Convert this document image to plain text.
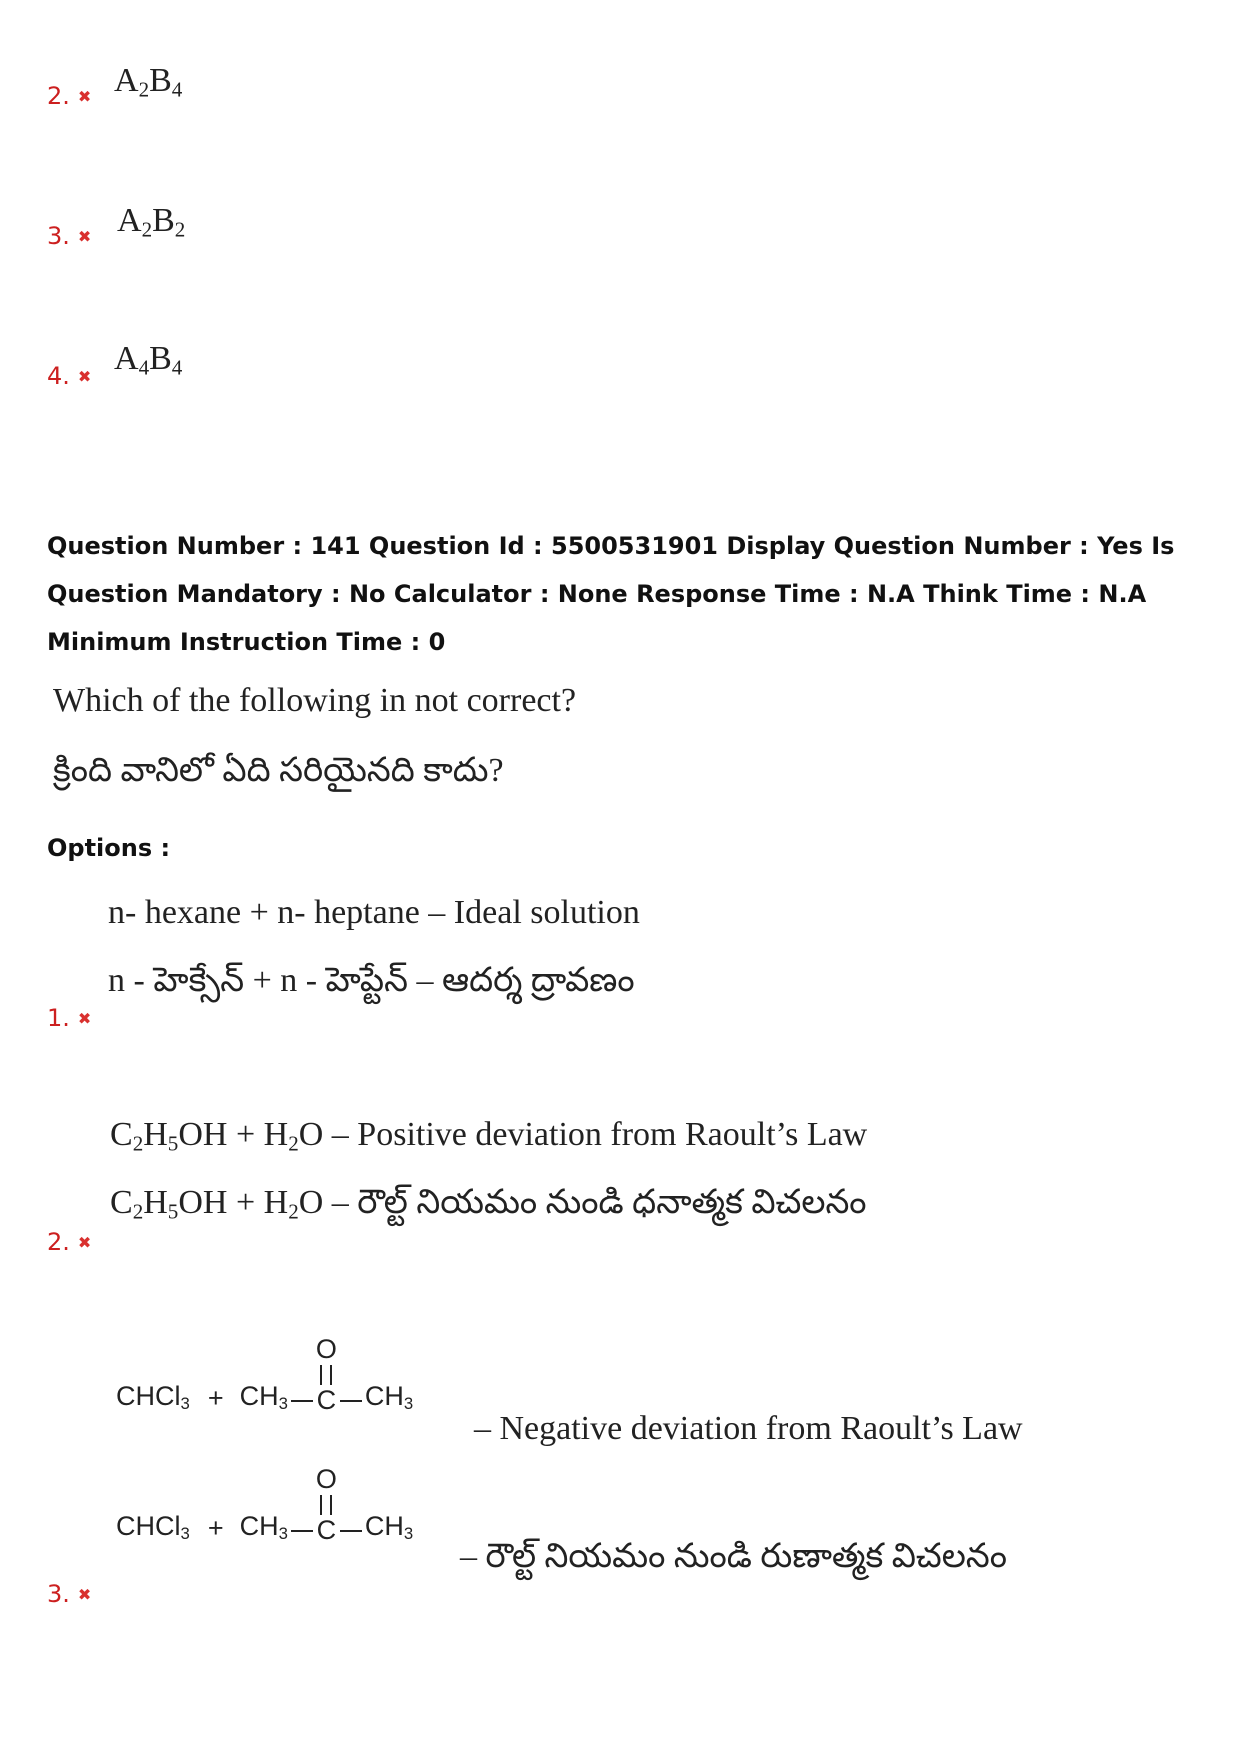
2. ✖ $A_2B_4$
3. ✖ $A_2B_2$
4. ✖ $A_4B_4$
Question Number : 141 Question Id : 5500531901 Display Question Number : Yes Is Question Mandatory : No Calculator : None Response Time : N.A Think Time : N.A Minimum Instruction Time : 0
Which of the following in not correct?
క్రింది వానిలో ఏది సరియైనది కాదు?
Options :
n- hexane + n- heptane – Ideal solution
n - హెక్సేన్ + n - హెప్టేన్ – ఆదర్శ ద్రావణం
1. ✖
$C_2H_5OH + H_2O$ – Positive deviation from Raoult’s Law
$C_2H_5OH + H_2O$ – రౌల్ట్ నియమం నుండి ధనాత్మక విచలనం
2. ✖
CHCl$_3$ + $CH_3$
O
C $CH_3$
– Negative deviation from Raoult’s Law
CHCl$_3$ + $CH_3$
O
C $CH_3$
– రౌల్ట్ నియమం నుండి రుణాత్మక విచలనం
3. ✖
